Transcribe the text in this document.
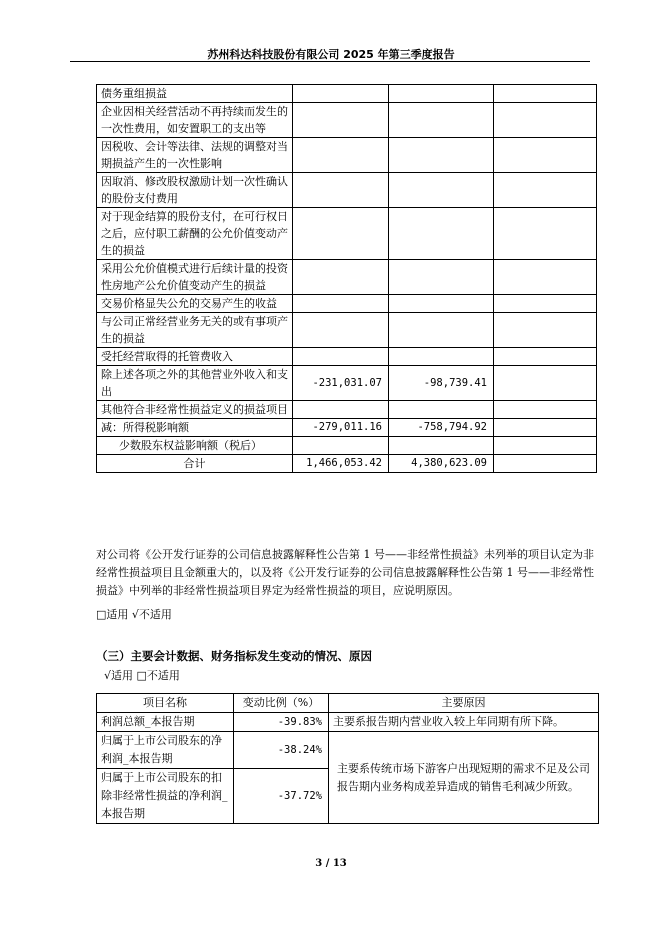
苏州科达科技股份有限公司 2025 年第三季度报告
债务重组损益			
企业因相关经营活动不再持续而发生的一次性费用，如安置职工的支出等			
因税收、会计等法律、法规的调整对当期损益产生的一次性影响			
因取消、修改股权激励计划一次性确认的股份支付费用			
对于现金结算的股份支付，在可行权日之后，应付职工薪酬的公允价值变动产生的损益			
采用公允价值模式进行后续计量的投资性房地产公允价值变动产生的损益			
交易价格显失公允的交易产生的收益			
与公司正常经营业务无关的或有事项产生的损益			
受托经营取得的托管费收入			
除上述各项之外的其他营业外收入和支出	-231,031.07	-98,739.41	
其他符合非经常性损益定义的损益项目			
减：所得税影响额	-279,011.16	-758,794.92	
少数股东权益影响额（税后）			
合计	1,466,053.42	4,380,623.09	
对公司将《公开发行证券的公司信息披露解释性公告第 1 号——非经常性损益》未列举的项目认定为非经常性损益项目且金额重大的，以及将《公开发行证券的公司信息披露解释性公告第 1 号——非经常性损益》中列举的非经常性损益项目界定为经常性损益的项目，应说明原因。
□适用 √不适用
（三）主要会计数据、财务指标发生变动的情况、原因
√适用 □不适用
项目名称	变动比例（%）	主要原因
利润总额_本报告期	-39.83%	主要系报告期内营业收入较上年同期有所下降。
归属于上市公司股东的净利润_本报告期	-38.24%	主要系传统市场下游客户出现短期的需求不足及公司报告期内业务构成差异造成的销售毛利减少所致。
归属于上市公司股东的扣除非经常性损益的净利润_本报告期	-37.72%	
3 / 13
